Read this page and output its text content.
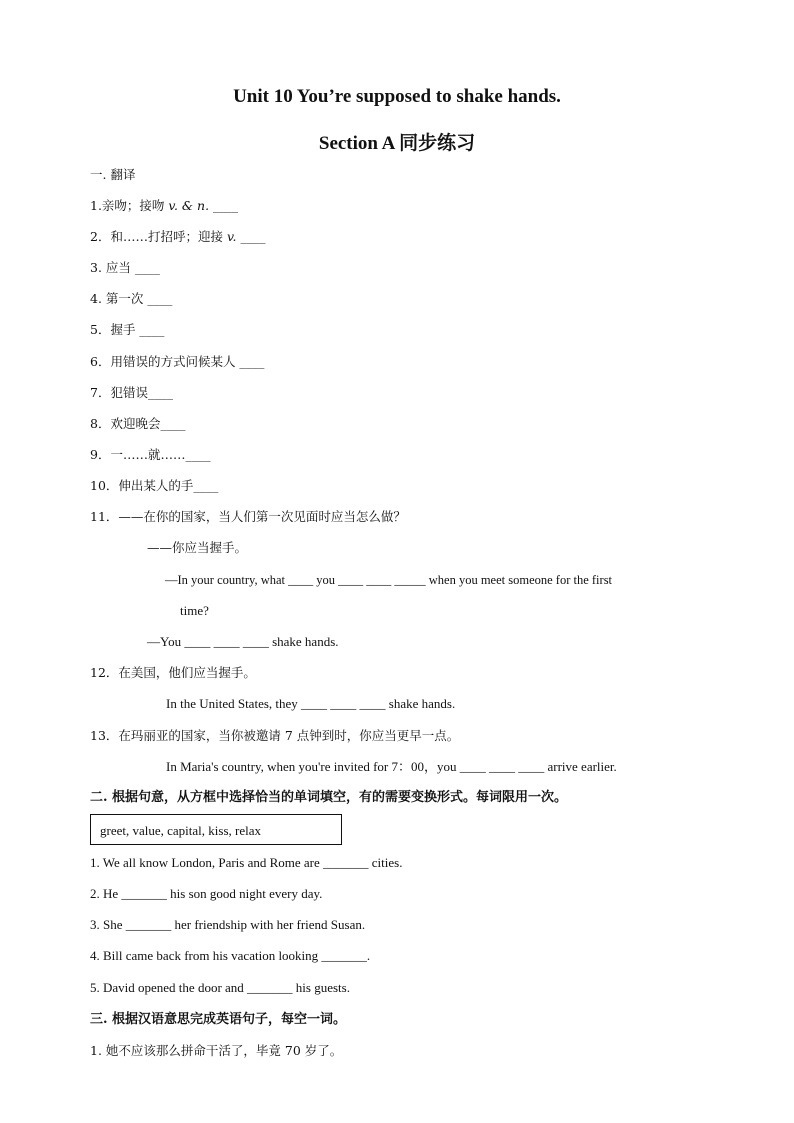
Unit 10 You’re supposed to shake hands.
Section A 同步练习
一. 翻译
1.亲吻；接吻 v. & n. ____
2．和……打招呼；迎接 v. ____
3. 应当 ____
4. 第一次 ____
5．握手 ____
6．用错误的方式问候某人 ____
7．犯错误____
8．欢迎晚会____
9．一……就……____
10．伸出某人的手____
11．——在你的国家，当人们第一次见面时应当怎么做？
——你应当握手。
—In your country, what ____ you ____ ____ _____ when you meet someone for the first
time?
—You ____ ____ ____ shake hands.
12．在美国，他们应当握手。
In the United States, they ____ ____ ____ shake hands.
13．在玛丽亚的国家，当你被邀请 7 点钟到时，你应当更早一点。
In Maria's country, when you're invited for 7：00，you ____ ____ ____ arrive earlier.
二. 根据句意，从方框中选择恰当的单词填空，有的需要变换形式。每词限用一次。
greet, value, capital, kiss, relax
1. We all know London, Paris and Rome are _______ cities.
2. He _______ his son good night every day.
3. She _______ her friendship with her friend Susan.
4. Bill came back from his vacation looking _______.
5. David opened the door and _______ his guests.
三. 根据汉语意思完成英语句子，每空一词。
1. 她不应该那么拼命干活了，毕竟 70 岁了。
